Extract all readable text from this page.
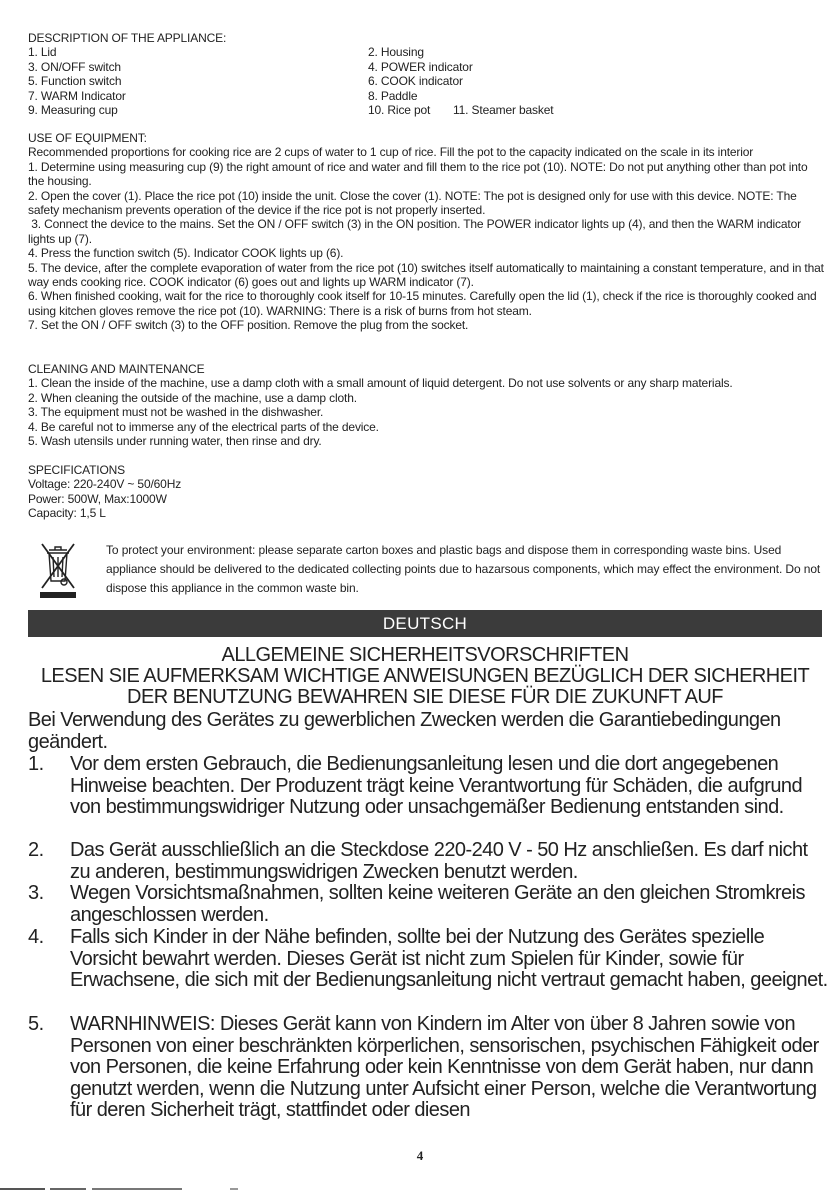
DESCRIPTION OF THE APPLIANCE:
1. Lid	2. Housing
3. ON/OFF switch	4. POWER indicator
5. Function switch	6. COOK indicator
7. WARM Indicator	8. Paddle
9. Measuring cup	10. Rice pot 11. Steamer basket
USE OF EQUIPMENT:
Recommended proportions for cooking rice are 2 cups of water to 1 cup of rice. Fill the pot to the capacity indicated on the scale in its interior
1. Determine using measuring cup (9) the right amount of rice and water and fill them to the rice pot (10). NOTE: Do not put anything other than pot into the housing.
2. Open the cover (1). Place the rice pot (10) inside the unit. Close the cover (1). NOTE: The pot is designed only for use with this device. NOTE: The safety mechanism prevents operation of the device if the rice pot is not properly inserted.
3. Connect the device to the mains. Set the ON / OFF switch (3) in the ON position. The POWER indicator lights up (4), and then the WARM indicator lights up (7).
4. Press the function switch (5). Indicator COOK lights up (6).
5. The device, after the complete evaporation of water from the rice pot (10) switches itself automatically to maintaining a constant temperature, and in that way ends cooking rice. COOK indicator (6) goes out and lights up WARM indicator (7).
6. When finished cooking, wait for the rice to thoroughly cook itself for 10-15 minutes. Carefully open the lid (1), check if the rice is thoroughly cooked and using kitchen gloves remove the rice pot (10). WARNING: There is a risk of burns from hot steam.
7. Set the ON / OFF switch (3) to the OFF position. Remove the plug from the socket.
CLEANING AND MAINTENANCE
1. Clean the inside of the machine, use a damp cloth with a small amount of liquid detergent. Do not use solvents or any sharp materials.
2. When cleaning the outside of the machine, use a damp cloth.
3. The equipment must not be washed in the dishwasher.
4. Be careful not to immerse any of the electrical parts of the device.
5. Wash utensils under running water, then rinse and dry.
SPECIFICATIONS
Voltage: 220-240V ~ 50/60Hz
Power: 500W, Max:1000W
Capacity: 1,5 L
To protect your environment: please separate carton boxes and plastic bags and dispose them in corresponding waste bins. Used appliance should be delivered to the dedicated collecting points due to hazarsous components, which may effect the environment. Do not dispose this appliance in the common waste bin.
DEUTSCH
ALLGEMEINE SICHERHEITSVORSCHRIFTEN
LESEN SIE AUFMERKSAM WICHTIGE ANWEISUNGEN BEZÜGLICH DER SICHERHEIT
DER BENUTZUNG BEWAHREN SIE DIESE FÜR DIE ZUKUNFT AUF
Bei Verwendung des Gerätes zu gewerblichen Zwecken werden die Garantiebedingungen geändert.
1. Vor dem ersten Gebrauch, die Bedienungsanleitung lesen und die dort angegebenen Hinweise beachten. Der Produzent trägt keine Verantwortung für Schäden, die aufgrund von bestimmungswidriger Nutzung oder unsachgemäßer Bedienung entstanden sind.
2. Das Gerät ausschließlich an die Steckdose 220-240 V - 50 Hz anschließen. Es darf nicht zu anderen, bestimmungswidrigen Zwecken benutzt werden.
3. Wegen Vorsichtsmaßnahmen, sollten keine weiteren Geräte an den gleichen Stromkreis angeschlossen werden.
4. Falls sich Kinder in der Nähe befinden, sollte bei der Nutzung des Gerätes spezielle Vorsicht bewahrt werden. Dieses Gerät ist nicht zum Spielen für Kinder, sowie für Erwachsene, die sich mit der Bedienungsanleitung nicht vertraut gemacht haben, geeignet.
5. WARNHINWEIS: Dieses Gerät kann von Kindern im Alter von über 8 Jahren sowie von Personen von einer beschränkten körperlichen, sensorischen, psychischen Fähigkeit oder von Personen, die keine Erfahrung oder kein Kenntnisse von dem Gerät haben, nur dann genutzt werden, wenn die Nutzung unter Aufsicht einer Person, welche die Verantwortung für deren Sicherheit trägt, stattfindet oder diesen
4
